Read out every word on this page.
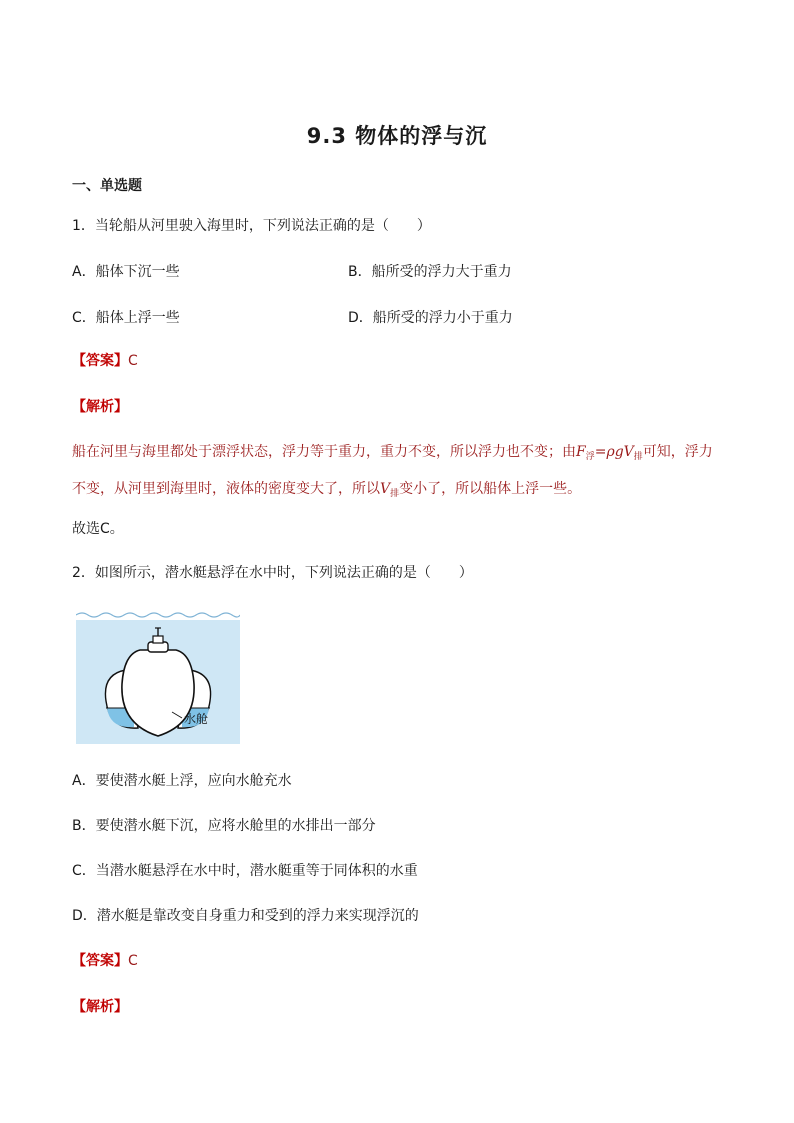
9.3 物体的浮与沉
一、单选题
1．当轮船从河里驶入海里时，下列说法正确的是（　　）
A．船体下沉一些	B．船所受的浮力大于重力
C．船体上浮一些	D．船所受的浮力小于重力
【答案】C
【解析】
船在河里与海里都处于漂浮状态，浮力等于重力，重力不变，所以浮力也不变；由$F_浮=\rho gV_排$可知，浮力
不变，从河里到海里时，液体的密度变大了，所以$V_排$变小了，所以船体上浮一些。
故选C。
2．如图所示，潜水艇悬浮在水中时，下列说法正确的是（　　）
水舱
A．要使潜水艇上浮，应向水舱充水
B．要使潜水艇下沉，应将水舱里的水排出一部分
C．当潜水艇悬浮在水中时，潜水艇重等于同体积的水重
D．潜水艇是靠改变自身重力和受到的浮力来实现浮沉的
【答案】C
【解析】
